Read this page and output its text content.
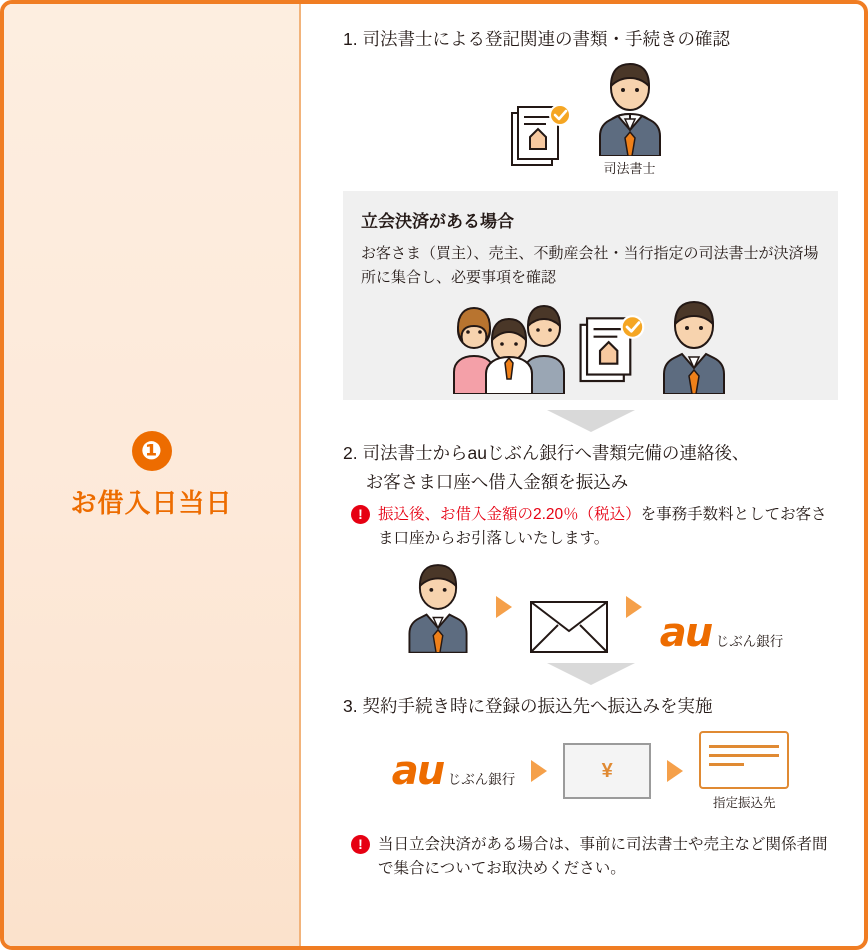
❶
お借入日当日

1. 司法書士による登記関連の書類・手続きの確認

司法書士

立会決済がある場合

お客さま（買主）、売主、不動産会社・当行指定の司法書士が決済場所に集合し、必要事項を確認

2. 司法書士からauじぶん銀行へ書類完備の連絡後、

お客さま口座へ借入金額を振込み

! 振込後、お借入金額の2.20％（税込）を事務手数料としてお客さま口座からお引落しいたします。
au じぶん銀行

3. 契約手続き時に登録の振込先へ振込みを実施

au じぶん銀行	¥
指定振込先
! 当日立会決済がある場合は、事前に司法書士や売主など関係者間で集合についてお取決めください。
